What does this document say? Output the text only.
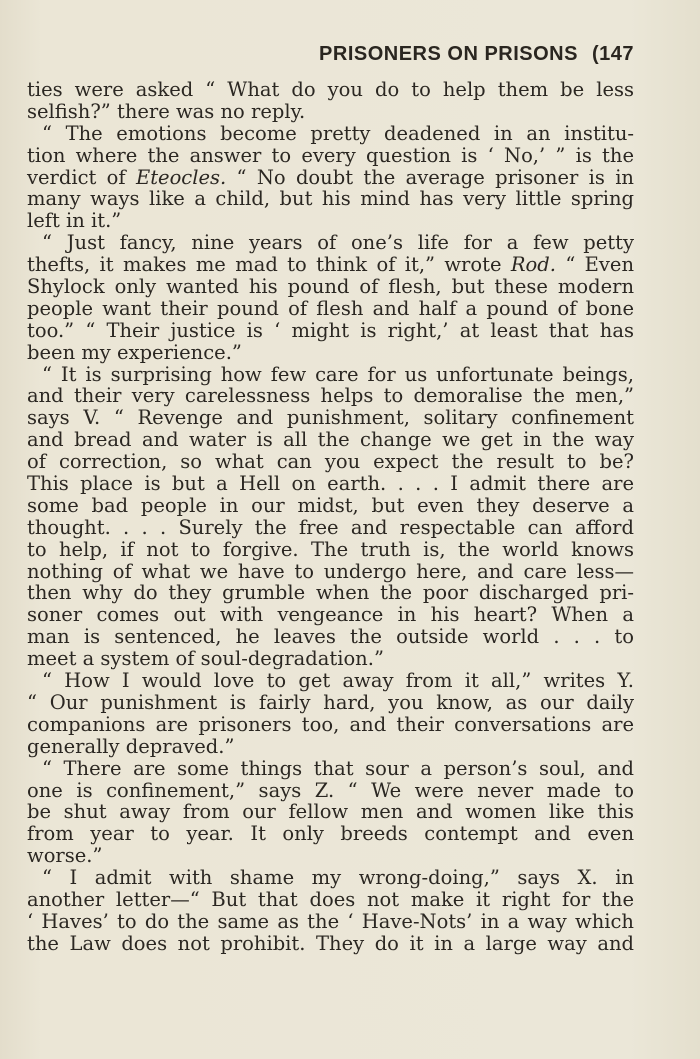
PRISONERS ON PRISONS (147
ties were asked “ What do you do to help them be less
selfish?” there was no reply.
“ The emotions become pretty deadened in an institu-
tion where the answer to every question is ‘ No,’ ” is the
verdict of Eteocles. “ No doubt the average prisoner is in
many ways like a child, but his mind has very little spring
left in it.”
“ Just fancy, nine years of one’s life for a few petty
thefts, it makes me mad to think of it,” wrote Rod. “ Even
Shylock only wanted his pound of flesh, but these modern
people want their pound of flesh and half a pound of bone
too.” “ Their justice is ‘ might is right,’ at least that has
been my experience.”
“ It is surprising how few care for us unfortunate beings,
and their very carelessness helps to demoralise the men,”
says V. “ Revenge and punishment, solitary confinement
and bread and water is all the change we get in the way
of correction, so what can you expect the result to be?
This place is but a Hell on earth. . . . I admit there are
some bad people in our midst, but even they deserve a
thought. . . . Surely the free and respectable can afford
to help, if not to forgive. The truth is, the world knows
nothing of what we have to undergo here, and care less—
then why do they grumble when the poor discharged pri-
soner comes out with vengeance in his heart? When a
man is sentenced, he leaves the outside world . . . to
meet a system of soul-degradation.”
“ How I would love to get away from it all,” writes Y.
“ Our punishment is fairly hard, you know, as our daily
companions are prisoners too, and their conversations are
generally depraved.”
“ There are some things that sour a person’s soul, and
one is confinement,” says Z. “ We were never made to
be shut away from our fellow men and women like this
from year to year. It only breeds contempt and even
worse.”
“ I admit with shame my wrong-doing,” says X. in
another letter—“ But that does not make it right for the
‘ Haves’ to do the same as the ‘ Have-Nots’ in a way which
the Law does not prohibit. They do it in a large way and
